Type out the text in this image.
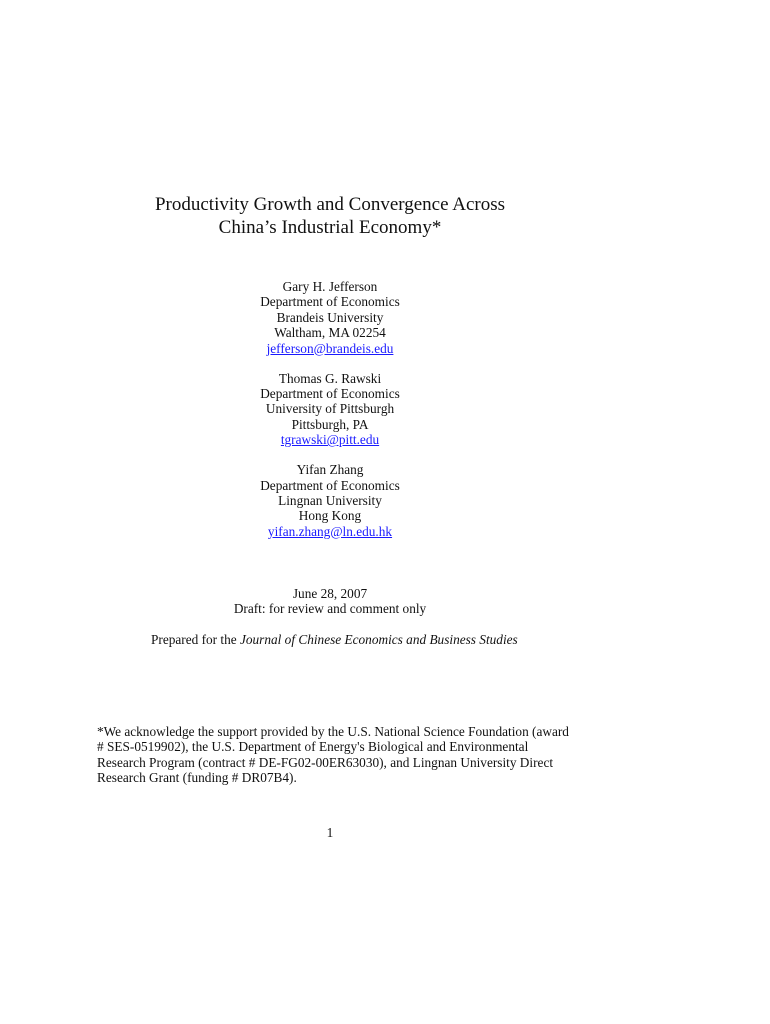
Productivity Growth and Convergence Across
China’s Industrial Economy*
Gary H. Jefferson
Department of Economics
Brandeis University
Waltham, MA 02254
jefferson@brandeis.edu
Thomas G. Rawski
Department of Economics
University of Pittsburgh
Pittsburgh, PA
tgrawski@pitt.edu
Yifan Zhang
Department of Economics
Lingnan University
Hong Kong
yifan.zhang@ln.edu.hk
June 28, 2007
Draft: for review and comment only
Prepared for the Journal of Chinese Economics and Business Studies
*We acknowledge the support provided by the U.S. National Science Foundation (award
# SES-0519902), the U.S. Department of Energy's Biological and Environmental
Research Program (contract # DE-FG02-00ER63030), and Lingnan University Direct
Research Grant (funding # DR07B4).
1
